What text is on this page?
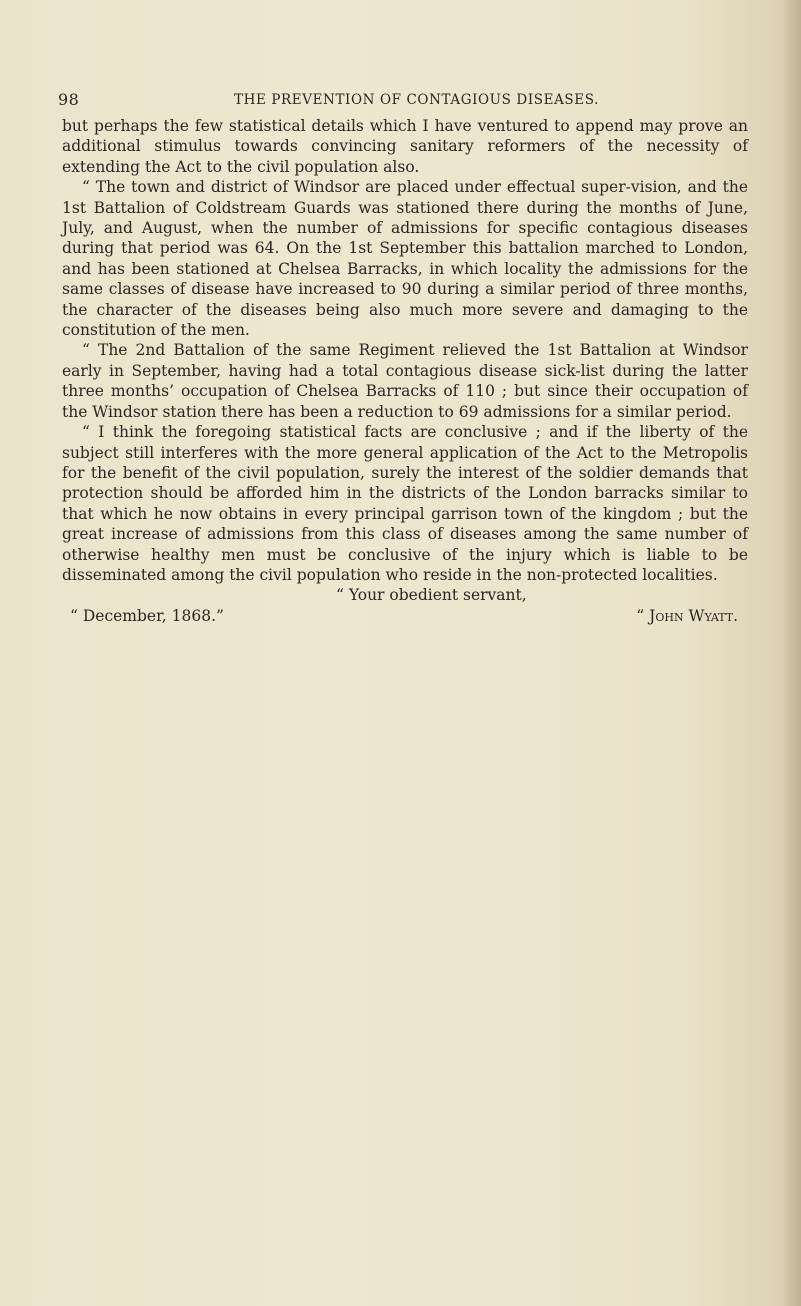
98	THE PREVENTION OF CONTAGIOUS DISEASES.

but perhaps the few statistical details which I have ventured to append may prove an additional stimulus towards convincing sanitary reformers of the necessity of extending the Act to the civil population also.

“ The town and district of Windsor are placed under effectual super-vision, and the 1st Battalion of Coldstream Guards was stationed there during the months of June, July, and August, when the number of admissions for specific contagious diseases during that period was 64. On the 1st September this battalion marched to London, and has been stationed at Chelsea Barracks, in which locality the admissions for the same classes of disease have increased to 90 during a similar period of three months, the character of the diseases being also much more severe and damaging to the constitution of the men.

“ The 2nd Battalion of the same Regiment relieved the 1st Battalion at Windsor early in September, having had a total contagious disease sick-list during the latter three months’ occupation of Chelsea Barracks of 110 ; but since their occupation of the Windsor station there has been a reduction to 69 admissions for a similar period.

“ I think the foregoing statistical facts are conclusive ; and if the liberty of the subject still interferes with the more general application of the Act to the Metropolis for the benefit of the civil population, surely the interest of the soldier demands that protection should be afforded him in the districts of the London barracks similar to that which he now obtains in every principal garrison town of the kingdom ; but the great increase of admissions from this class of diseases among the same number of otherwise healthy men must be conclusive of the injury which is liable to be disseminated among the civil population who reside in the non-protected localities.

“ Your obedient servant,

“ John Wyatt.

“ December, 1868.”
